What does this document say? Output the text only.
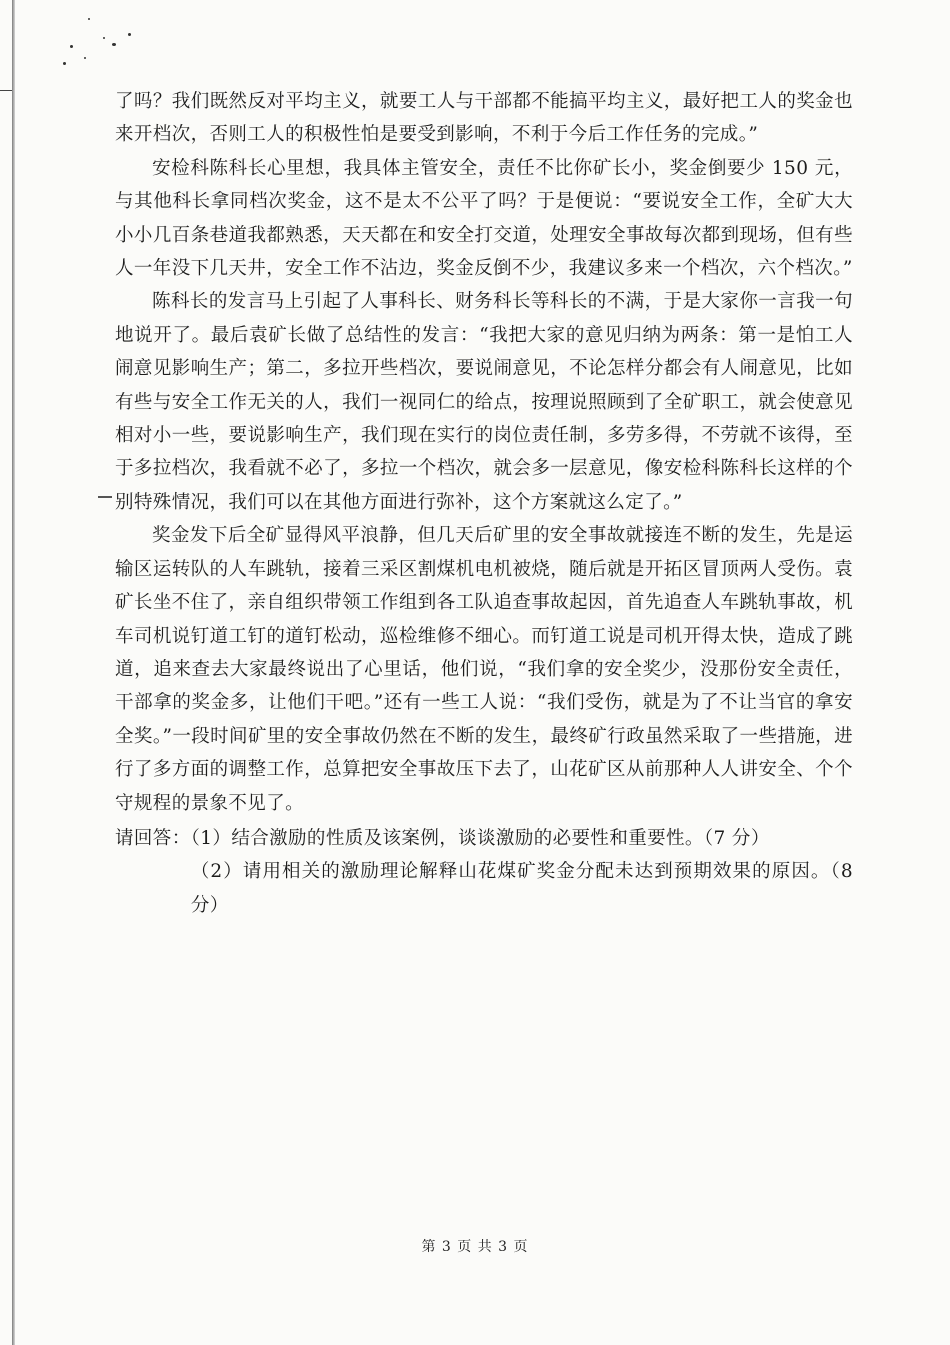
了吗？我们既然反对平均主义，就要工人与干部都不能搞平均主义，最好把工人的奖金也来开档次，否则工人的积极性怕是要受到影响，不利于今后工作任务的完成。”

安检科陈科长心里想，我具体主管安全，责任不比你矿长小，奖金倒要少 150 元，与其他科长拿同档次奖金，这不是太不公平了吗？于是便说：“要说安全工作，全矿大大小小几百条巷道我都熟悉，天天都在和安全打交道，处理安全事故每次都到现场，但有些人一年没下几天井，安全工作不沾边，奖金反倒不少，我建议多来一个档次，六个档次。”

陈科长的发言马上引起了人事科长、财务科长等科长的不满，于是大家你一言我一句地说开了。最后袁矿长做了总结性的发言：“我把大家的意见归纳为两条：第一是怕工人闹意见影响生产；第二，多拉开些档次，要说闹意见，不论怎样分都会有人闹意见，比如有些与安全工作无关的人，我们一视同仁的给点，按理说照顾到了全矿职工，就会使意见相对小一些，要说影响生产，我们现在实行的岗位责任制，多劳多得，不劳就不该得，至于多拉档次，我看就不必了，多拉一个档次，就会多一层意见，像安检科陈科长这样的个别特殊情况，我们可以在其他方面进行弥补，这个方案就这么定了。”

奖金发下后全矿显得风平浪静，但几天后矿里的安全事故就接连不断的发生，先是运输区运转队的人车跳轨，接着三采区割煤机电机被烧，随后就是开拓区冒顶两人受伤。袁矿长坐不住了，亲自组织带领工作组到各工队追查事故起因，首先追查人车跳轨事故，机车司机说钉道工钉的道钉松动，巡检维修不细心。而钉道工说是司机开得太快，造成了跳道，追来查去大家最终说出了心里话，他们说，“我们拿的安全奖少，没那份安全责任，干部拿的奖金多，让他们干吧。”还有一些工人说：“我们受伤，就是为了不让当官的拿安全奖。”一段时间矿里的安全事故仍然在不断的发生，最终矿行政虽然采取了一些措施，进行了多方面的调整工作，总算把安全事故压下去了，山花矿区从前那种人人讲安全、个个守规程的景象不见了。

请回答：（1）结合激励的性质及该案例，谈谈激励的必要性和重要性。（7 分）

（2）请用相关的激励理论解释山花煤矿奖金分配未达到预期效果的原因。（8 分）

第 3 页 共 3 页
